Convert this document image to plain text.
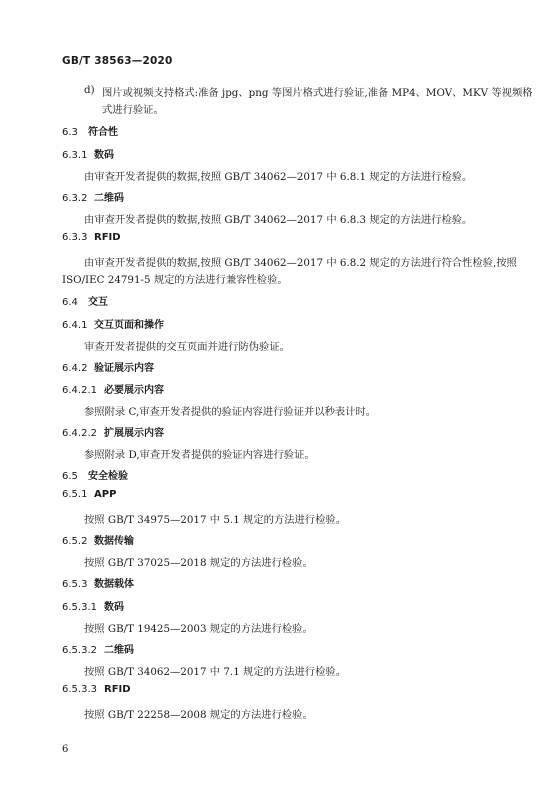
GB/T 38563—2020
d) 图片或视频支持格式:准备 jpg、png 等图片格式进行验证,准备 MP4、MOV、MKV 等视频格
式进行验证。
6.3 符合性
6.3.1 数码
由审查开发者提供的数据,按照 GB/T 34062—2017 中 6.8.1 规定的方法进行检验。
6.3.2 二维码
由审查开发者提供的数据,按照 GB/T 34062—2017 中 6.8.3 规定的方法进行检验。
6.3.3 RFID
由审查开发者提供的数据,按照 GB/T 34062—2017 中 6.8.2 规定的方法进行符合性检验,按照
ISO/IEC 24791-5 规定的方法进行兼容性检验。
6.4 交互
6.4.1 交互页面和操作
审查开发者提供的交互页面并进行防伪验证。
6.4.2 验证展示内容
6.4.2.1 必要展示内容
参照附录 C,审查开发者提供的验证内容进行验证并以秒表计时。
6.4.2.2 扩展展示内容
参照附录 D,审查开发者提供的验证内容进行验证。
6.5 安全检验
6.5.1 APP
按照 GB/T 34975—2017 中 5.1 规定的方法进行检验。
6.5.2 数据传输
按照 GB/T 37025—2018 规定的方法进行检验。
6.5.3 数据载体
6.5.3.1 数码
按照 GB/T 19425—2003 规定的方法进行检验。
6.5.3.2 二维码
按照 GB/T 34062—2017 中 7.1 规定的方法进行检验。
6.5.3.3 RFID
按照 GB/T 22258—2008 规定的方法进行检验。
6
